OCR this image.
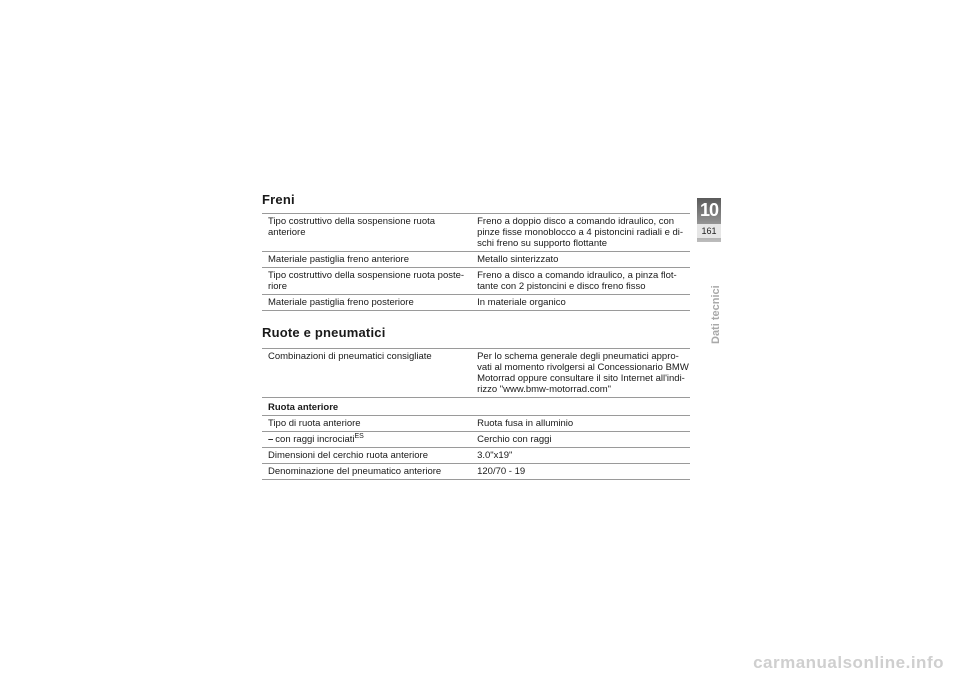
Freni
Tipo costruttivo della sospensione ruota anteriore	Freno a doppio disco a comando idraulico, con pinze fisse monoblocco a 4 pistoncini radiali e di-schi freno su supporto flottante
Materiale pastiglia freno anteriore	Metallo sinterizzato
Tipo costruttivo della sospensione ruota poste-riore	Freno a disco a comando idraulico, a pinza flot-tante con 2 pistoncini e disco freno fisso
Materiale pastiglia freno posteriore	In materiale organico
Ruote e pneumatici
Combinazioni di pneumatici consigliate	Per lo schema generale degli pneumatici appro-vati al momento rivolgersi al Concessionario BMW Motorrad oppure consultare il sito Internet all'indi-rizzo "www.bmw-motorrad.com"
Ruota anteriore	
Tipo di ruota anteriore	Ruota fusa in alluminio
– con raggi incrociati$^{ES}$	Cerchio con raggi
Dimensioni del cerchio ruota anteriore	3.0"x19"
Denominazione del pneumatico anteriore	120/70 - 19
10
161
Dati tecnici
carmanualsonline.info
